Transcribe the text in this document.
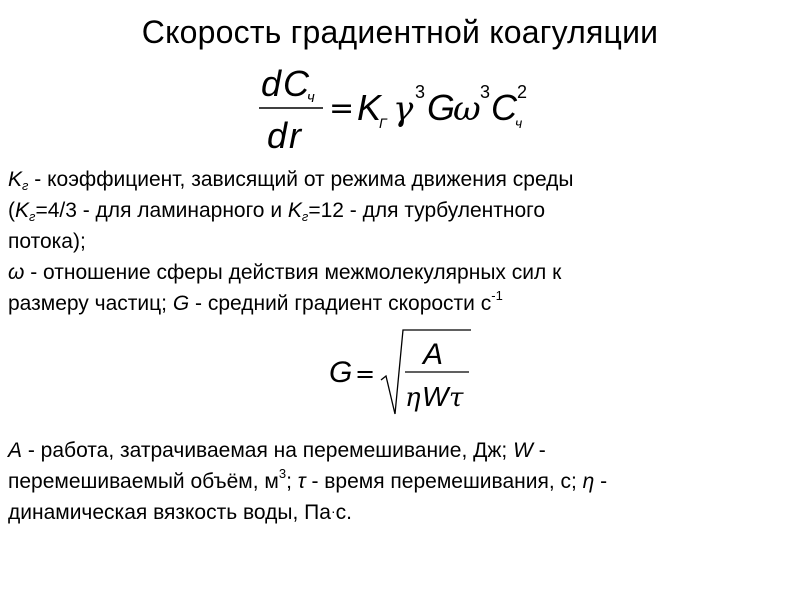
Скорость градиентной коагуляции
d C
ч
d r
= K
Г γ 3 G
ω 3 C
ч
2
$K_г$ - коэффициент, зависящий от режима движения среды
($K_г=4/3$ - для ламинарного и $K_г=12$ - для турбулентного
потока);
ω - отношение сферы действия межмолекулярных сил к
размеру частиц; G - средний градиент скорости $с^{-1}$
G =
A
η W τ
A - работа, затрачиваемая на перемешивание, Дж; W -
перемешиваемый объём, $м^3$; τ - время перемешивания, с; η -
динамическая вязкость воды, Па·с.
